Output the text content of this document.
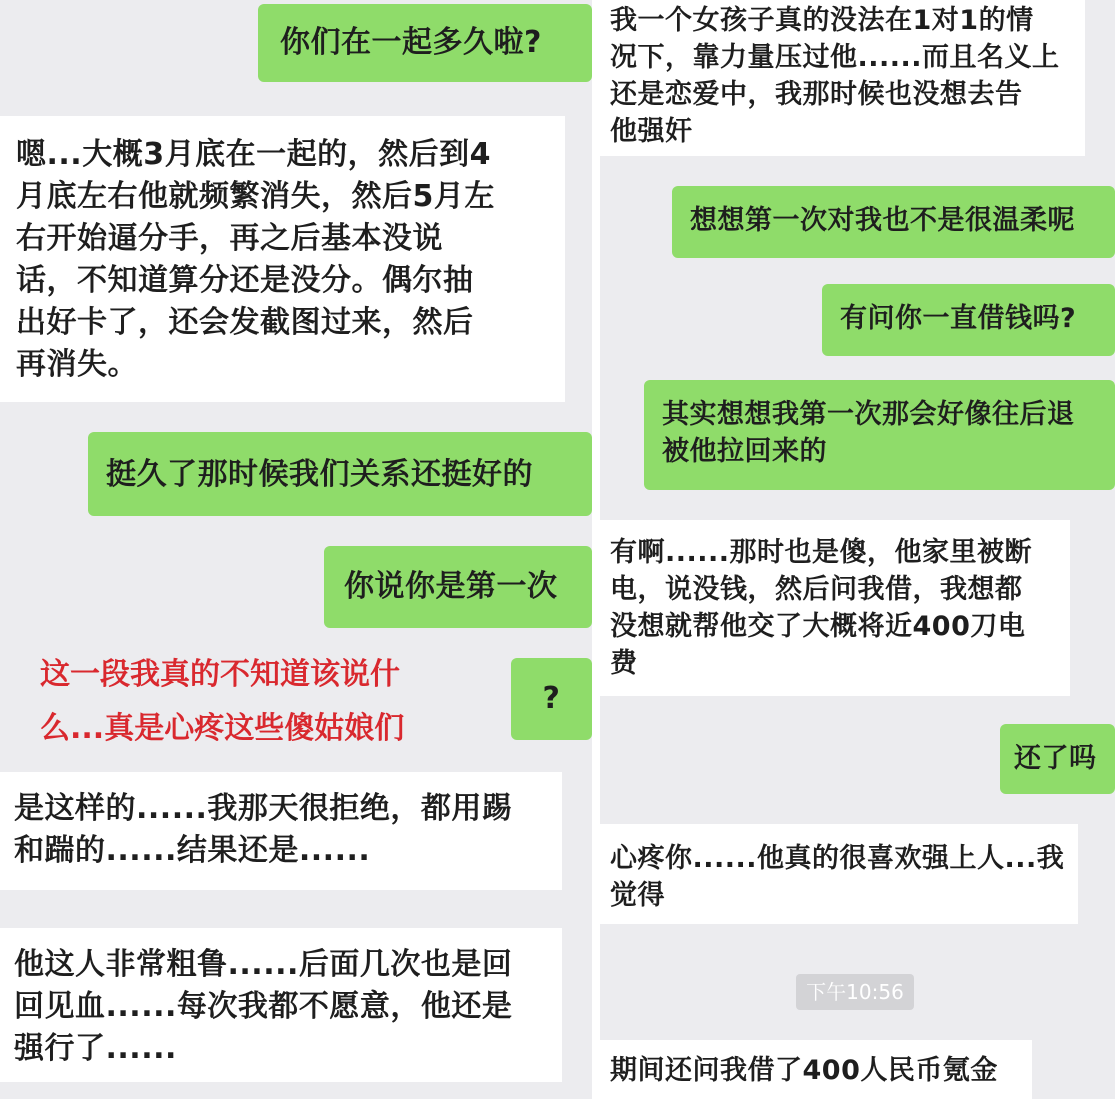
你们在一起多久啦?
嗯...大概3月底在一起的，然后到4
月底左右他就频繁消失，然后5月左
右开始逼分手，再之后基本没说
话，不知道算分还是没分。偶尔抽
出好卡了，还会发截图过来，然后
再消失。
挺久了那时候我们关系还挺好的
你说你是第一次
这一段我真的不知道该说什
么...真是心疼这些傻姑娘们
?
是这样的......我那天很拒绝，都用踢
和踹的......结果还是......
他这人非常粗鲁......后面几次也是回
回见血......每次我都不愿意，他还是
强行了......
我一个女孩子真的没法在1对1的情
况下，靠力量压过他......而且名义上
还是恋爱中，我那时候也没想去告
他强奸
想想第一次对我也不是很温柔呢
有问你一直借钱吗?
其实想想我第一次那会好像往后退
被他拉回来的
有啊......那时也是傻，他家里被断
电，说没钱，然后问我借，我想都
没想就帮他交了大概将近400刀电
费
还了吗
心疼你......他真的很喜欢强上人...我
觉得
下午10:56
期间还问我借了400人民币氪金
